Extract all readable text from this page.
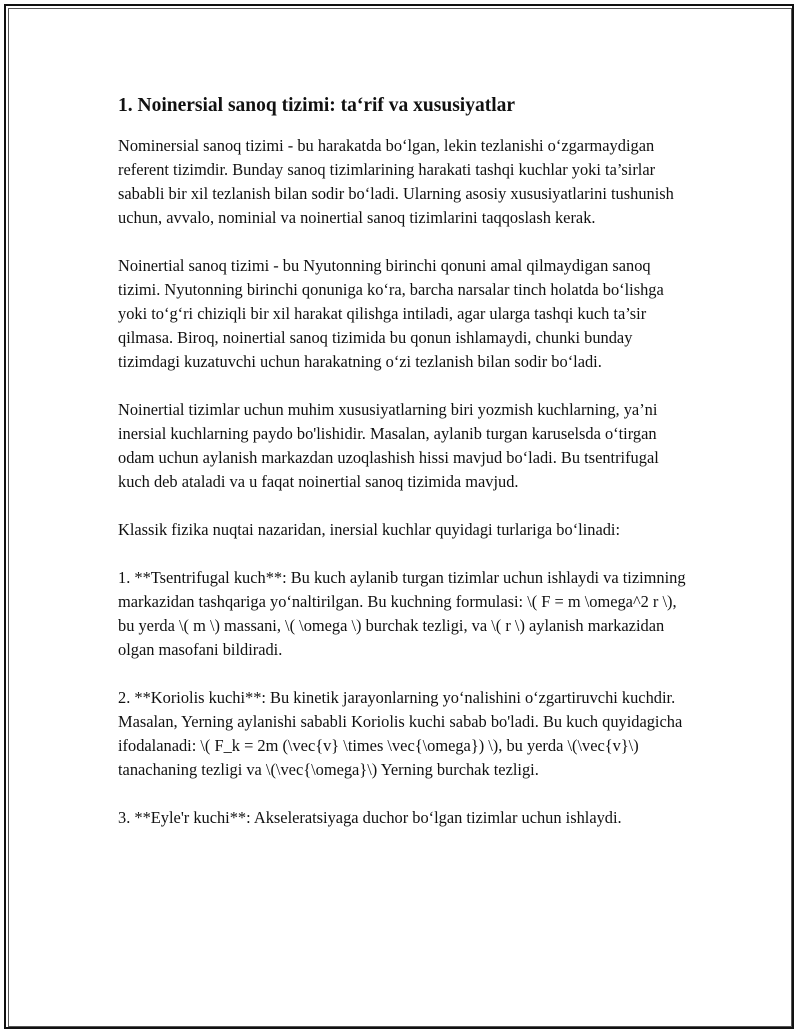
1. Noinersial sanoq tizimi: ta‘rif va xususiyatlar

Nominersial sanoq tizimi - bu harakatda bo‘lgan, lekin tezlanishi o‘zgarmaydigan referent tizimdir. Bunday sanoq tizimlarining harakati tashqi kuchlar yoki ta’sirlar sababli bir xil tezlanish bilan sodir bo‘ladi. Ularning asosiy xususiyatlarini tushunish uchun, avvalo, nominial va noinertial sanoq tizimlarini taqqoslash kerak.

Noinertial sanoq tizimi - bu Nyutonning birinchi qonuni amal qilmaydigan sanoq tizimi. Nyutonning birinchi qonuniga ko‘ra, barcha narsalar tinch holatda bo‘lishga yoki to‘g‘ri chiziqli bir xil harakat qilishga intiladi, agar ularga tashqi kuch ta’sir qilmasa. Biroq, noinertial sanoq tizimida bu qonun ishlamaydi, chunki bunday tizimdagi kuzatuvchi uchun harakatning o‘zi tezlanish bilan sodir bo‘ladi.

Noinertial tizimlar uchun muhim xususiyatlarning biri yozmish kuchlarning, ya’ni inersial kuchlarning paydo bo'lishidir. Masalan, aylanib turgan karuselsda o‘tirgan odam uchun aylanish markazdan uzoqlashish hissi mavjud bo‘ladi. Bu tsentrifugal kuch deb ataladi va u faqat noinertial sanoq tizimida mavjud.

Klassik fizika nuqtai nazaridan, inersial kuchlar quyidagi turlariga bo‘linadi:

1. **Tsentrifugal kuch**: Bu kuch aylanib turgan tizimlar uchun ishlaydi va tizimning markazidan tashqariga yo‘naltirilgan. Bu kuchning formulasi: \( F = m \omega^2 r \), bu yerda \( m \) massani, \( \omega \) burchak tezligi, va \( r \) aylanish markazidan olgan masofani bildiradi.

2. **Koriolis kuchi**: Bu kinetik jarayonlarning yo‘nalishini o‘zgartiruvchi kuchdir. Masalan, Yerning aylanishi sababli Koriolis kuchi sabab bo'ladi. Bu kuch quyidagicha ifodalanadi: \( F_k = 2m (\vec{v} \times \vec{\omega}) \), bu yerda \(\vec{v}\) tanachaning tezligi va \(\vec{\omega}\) Yerning burchak tezligi.

3. **Eyle'r kuchi**: Akseleratsiyaga duchor bo‘lgan tizimlar uchun ishlaydi.
